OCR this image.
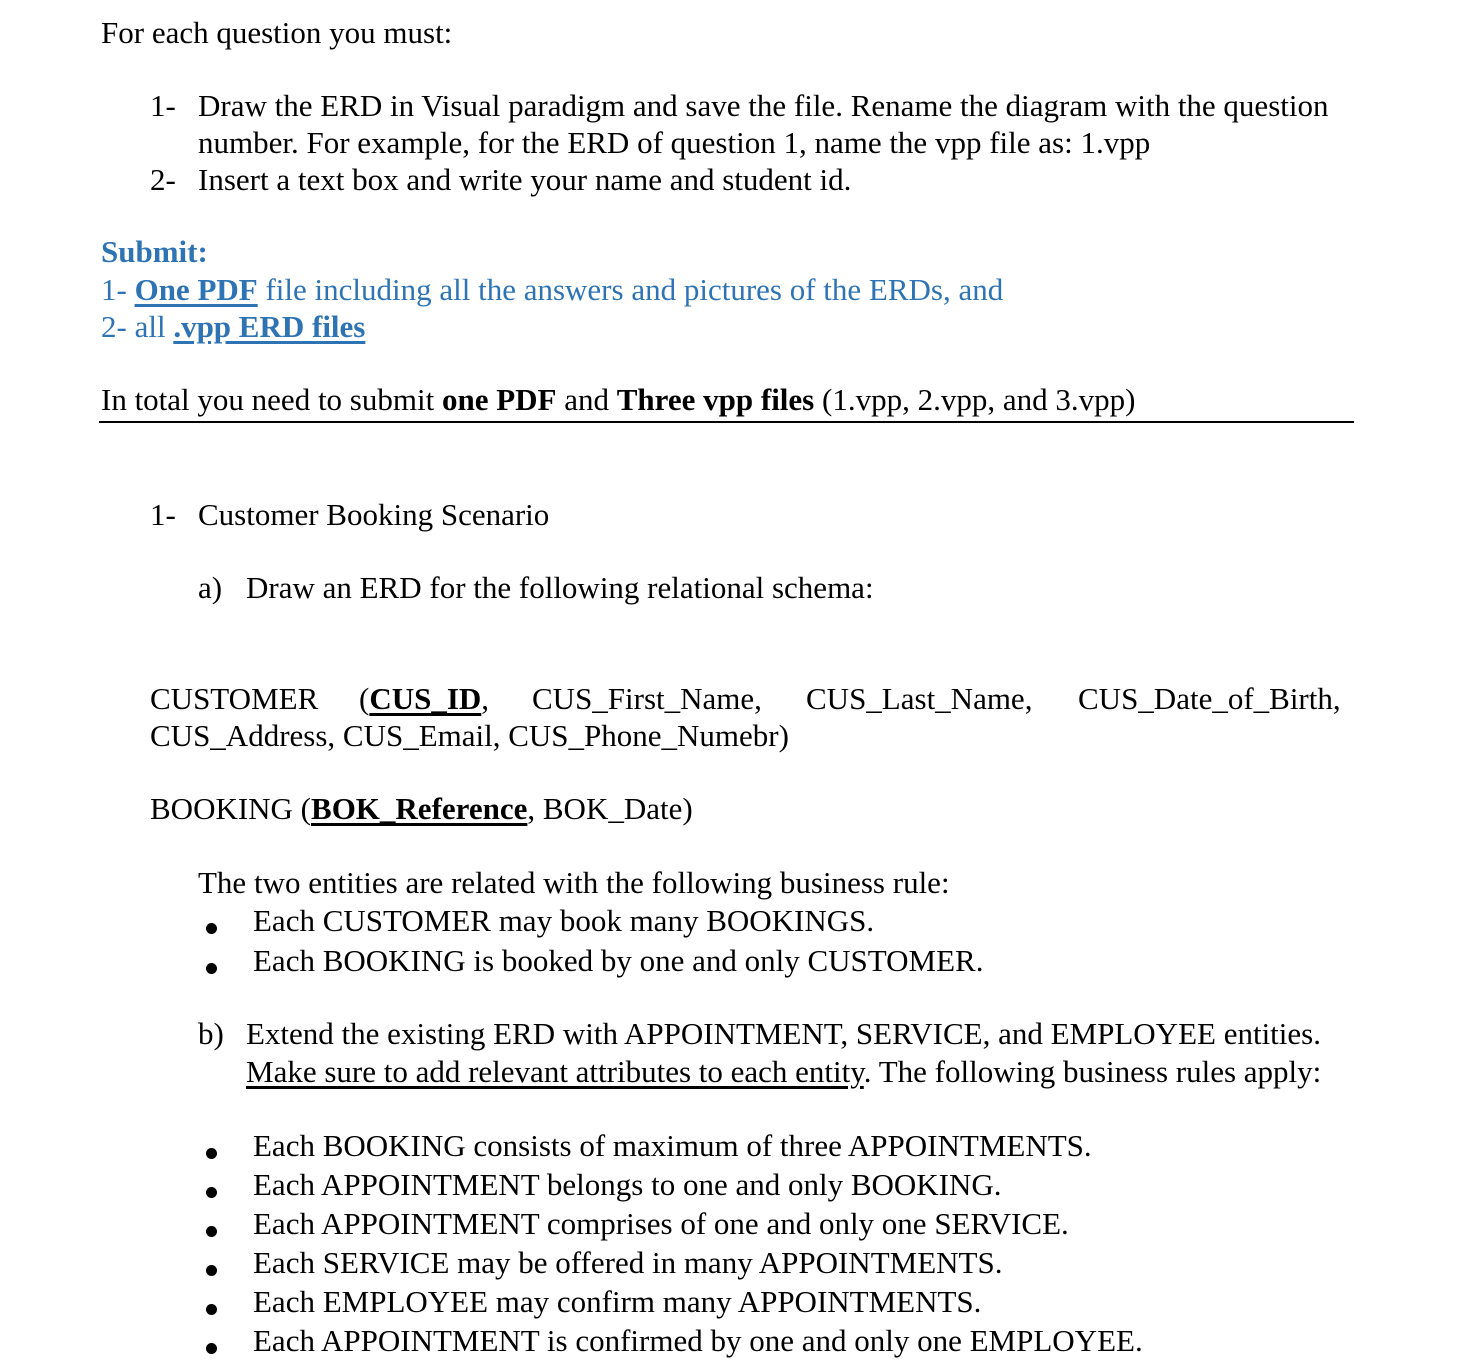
For each question you must:
1- Draw the ERD in Visual paradigm and save the file. Rename the diagram with the question
number. For example, for the ERD of question 1, name the vpp file as: 1.vpp
2- Insert a text box and write your name and student id.
Submit:
1- One PDF file including all the answers and pictures of the ERDs, and
2- all .vpp ERD files
In total you need to submit one PDF and Three vpp files (1.vpp, 2.vpp, and 3.vpp)
1- Customer Booking Scenario
a) Draw an ERD for the following relational schema:
CUSTOMER (CUS_ID, CUS_First_Name, CUS_Last_Name, CUS_Date_of_Birth,
CUS_Address, CUS_Email, CUS_Phone_Numebr)
BOOKING (BOK_Reference, BOK_Date)
The two entities are related with the following business rule:
Each CUSTOMER may book many BOOKINGS.
Each BOOKING is booked by one and only CUSTOMER.
b) Extend the existing ERD with APPOINTMENT, SERVICE, and EMPLOYEE entities.
Make sure to add relevant attributes to each entity. The following business rules apply:
Each BOOKING consists of maximum of three APPOINTMENTS.
Each APPOINTMENT belongs to one and only BOOKING.
Each APPOINTMENT comprises of one and only one SERVICE.
Each SERVICE may be offered in many APPOINTMENTS.
Each EMPLOYEE may confirm many APPOINTMENTS.
Each APPOINTMENT is confirmed by one and only one EMPLOYEE.
